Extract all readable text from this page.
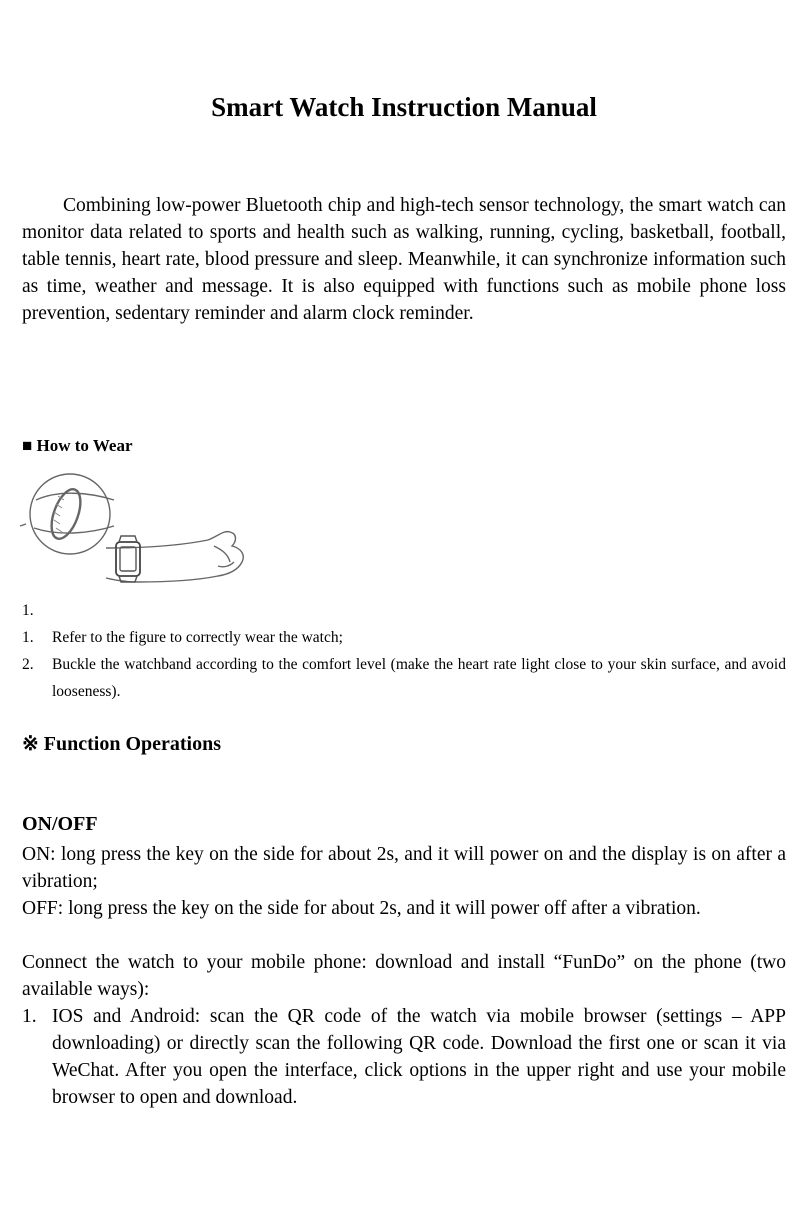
Smart Watch Instruction Manual

Combining low-power Bluetooth chip and high-tech sensor technology, the smart watch can monitor data related to sports and health such as walking, running, cycling, basketball, football, table tennis, heart rate, blood pressure and sleep. Meanwhile, it can synchronize information such as time, weather and message. It is also equipped with functions such as mobile phone loss prevention, sedentary reminder and alarm clock reminder.

■ How to Wear
1.
1. Refer to the figure to correctly wear the watch;
2. Buckle the watchband according to the comfort level (make the heart rate light close to your skin surface, and avoid looseness).
※ Function Operations
ON/OFF

ON: long press the key on the side for about 2s, and it will power on and the display is on after a vibration;

OFF: long press the key on the side for about 2s, and it will power off after a vibration.

Connect the watch to your mobile phone: download and install “FunDo” on the phone (two available ways):

1. IOS and Android: scan the QR code of the watch via mobile browser (settings – APP downloading) or directly scan the following QR code. Download the first one or scan it via WeChat. After you open the interface, click options in the upper right and use your mobile browser to open and download.
